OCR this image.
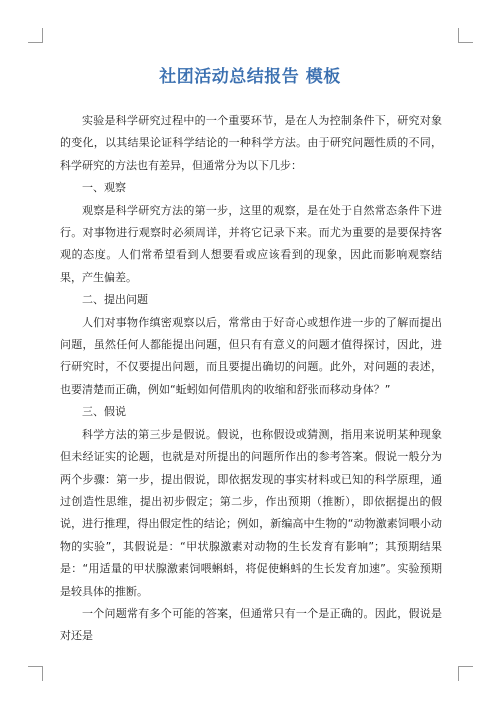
社团活动总结报告 模板

实验是科学研究过程中的一个重要环节，是在人为控制条件下，研究对象的变化，以其结果论证科学结论的一种科学方法。由于研究问题性质的不同，科学研究的方法也有差异，但通常分为以下几步：

一、观察

观察是科学研究方法的第一步，这里的观察，是在处于自然常态条件下进行。对事物进行观察时必须周详，并将它记录下来。而尤为重要的是要保持客观的态度。人们常希望看到人想要看或应该看到的现象，因此而影响观察结果，产生偏差。

二、提出问题

人们对事物作缜密观察以后，常常由于好奇心或想作进一步的了解而提出问题，虽然任何人都能提出问题，但只有有意义的问题才值得探讨，因此，进行研究时，不仅要提出问题，而且要提出确切的问题。此外，对问题的表述，也要清楚而正确，例如“蚯蚓如何借肌肉的收缩和舒张而移动身体？”

三、假说

科学方法的第三步是假说。假说，也称假设或猜测，指用来说明某种现象但未经证实的论题，也就是对所提出的问题所作出的参考答案。假说一般分为两个步骤：第一步，提出假说，即依据发现的事实材料或已知的科学原理，通过创造性思维，提出初步假定；第二步，作出预期（推断），即依据提出的假说，进行推理，得出假定性的结论；例如，新编高中生物的“动物激素饲喂小动物的实验”，其假说是：“甲状腺激素对动物的生长发育有影响”；其预期结果是：“用适量的甲状腺激素饲喂蝌蚪，将促使蝌蚪的生长发育加速”。实验预期是较具体的推断。

一个问题常有多个可能的答案，但通常只有一个是正确的。因此，假说是对还是
